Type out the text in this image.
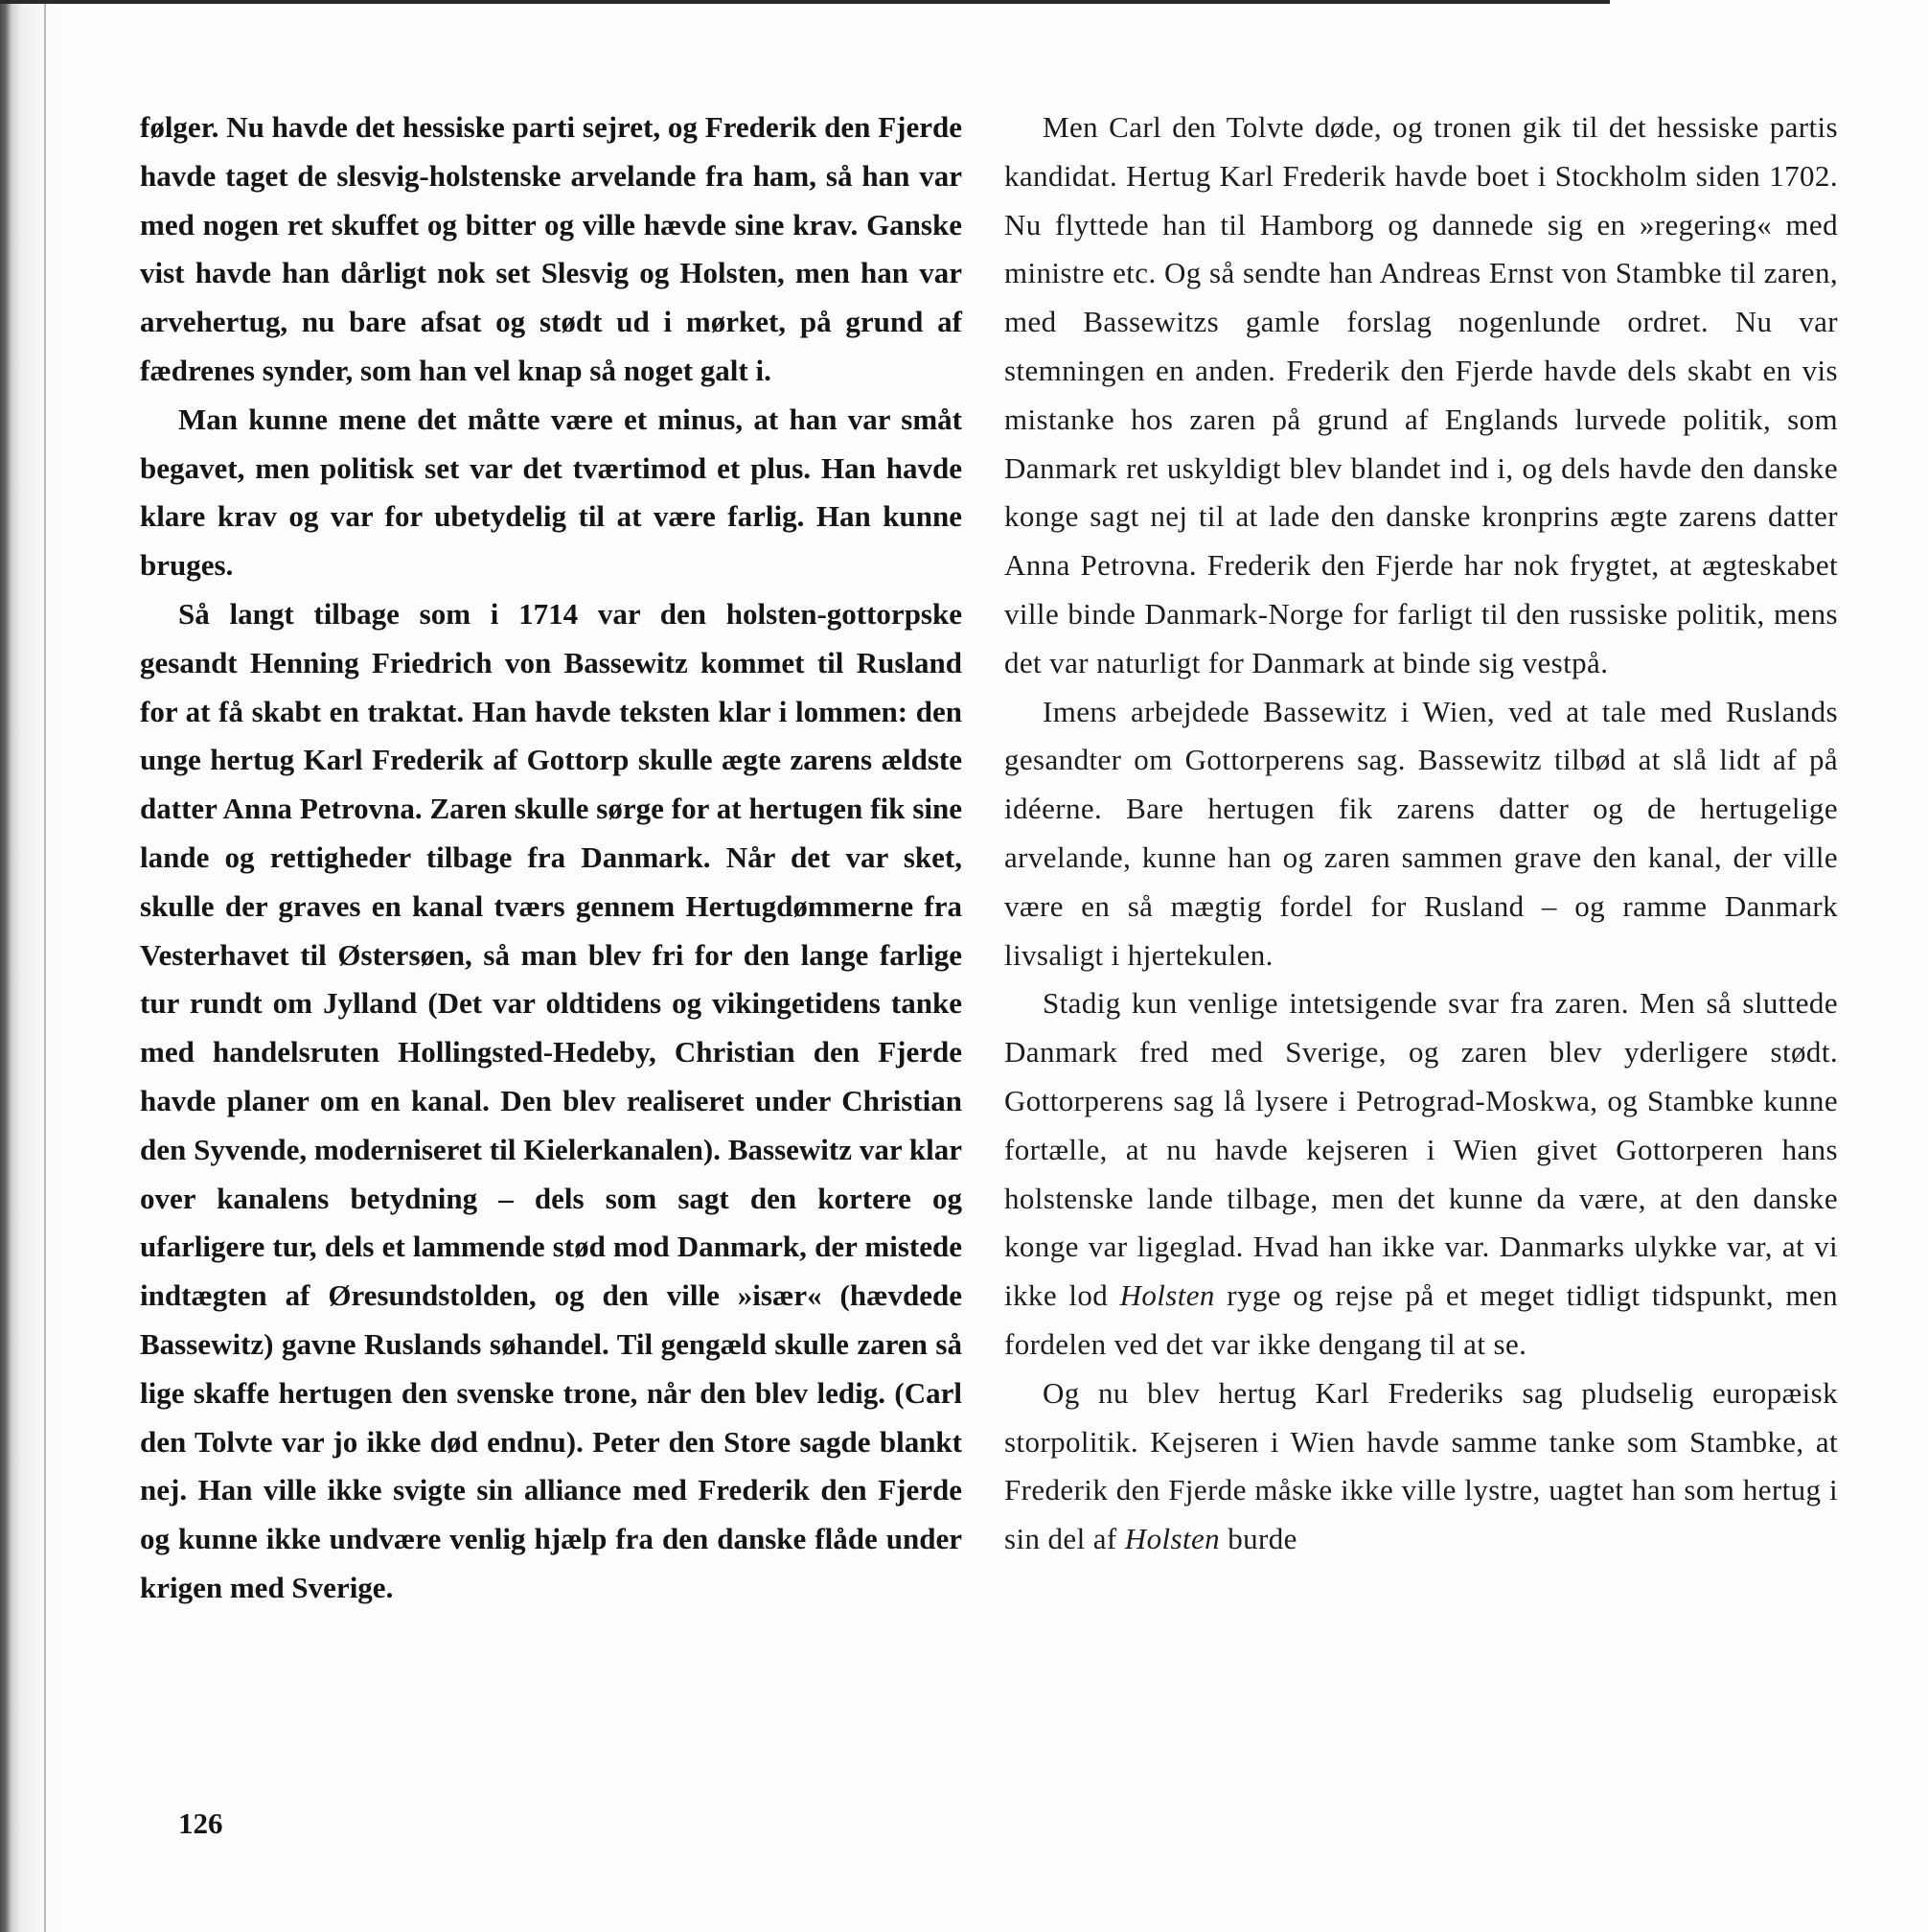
følger. Nu havde det hessiske parti sejret, og Frederik den Fjerde havde taget de slesvig-holstenske arvelande fra ham, så han var med nogen ret skuffet og bitter og ville hævde sine krav. Ganske vist havde han dårligt nok set Slesvig og Holsten, men han var arvehertug, nu bare afsat og stødt ud i mørket, på grund af fædrenes synder, som han vel knap så noget galt i.

Man kunne mene det måtte være et minus, at han var småt begavet, men politisk set var det tværtimod et plus. Han havde klare krav og var for ubetydelig til at være farlig. Han kunne bruges.

Så langt tilbage som i 1714 var den holsten-gottorpske gesandt Henning Friedrich von Bassewitz kommet til Rusland for at få skabt en traktat. Han havde teksten klar i lommen: den unge hertug Karl Frederik af Gottorp skulle ægte zarens ældste datter Anna Petrovna. Zaren skulle sørge for at hertugen fik sine lande og rettigheder tilbage fra Danmark. Når det var sket, skulle der graves en kanal tværs gennem Hertugdømmerne fra Vesterhavet til Østersøen, så man blev fri for den lange farlige tur rundt om Jylland (Det var oldtidens og vikingetidens tanke med handelsruten Hollingsted-Hedeby, Christian den Fjerde havde planer om en kanal. Den blev realiseret under Christian den Syvende, moderniseret til Kielerkanalen). Bassewitz var klar over kanalens betydning – dels som sagt den kortere og ufarligere tur, dels et lammende stød mod Danmark, der mistede indtægten af Øresundstolden, og den ville »især« (hævdede Bassewitz) gavne Ruslands søhandel. Til gengæld skulle zaren så lige skaffe hertugen den svenske trone, når den blev ledig. (Carl den Tolvte var jo ikke død endnu). Peter den Store sagde blankt nej. Han ville ikke svigte sin alliance med Frederik den Fjerde og kunne ikke undvære venlig hjælp fra den danske flåde under krigen med Sverige.

Men Carl den Tolvte døde, og tronen gik til det hessiske partis kandidat. Hertug Karl Frederik havde boet i Stockholm siden 1702. Nu flyttede han til Hamborg og dannede sig en »regering« med ministre etc. Og så sendte han Andreas Ernst von Stambke til zaren, med Bassewitzs gamle forslag nogenlunde ordret. Nu var stemningen en anden. Frederik den Fjerde havde dels skabt en vis mistanke hos zaren på grund af Englands lurvede politik, som Danmark ret uskyldigt blev blandet ind i, og dels havde den danske konge sagt nej til at lade den danske kronprins ægte zarens datter Anna Petrovna. Frederik den Fjerde har nok frygtet, at ægteskabet ville binde Danmark-Norge for farligt til den russiske politik, mens det var naturligt for Danmark at binde sig vestpå.

Imens arbejdede Bassewitz i Wien, ved at tale med Ruslands gesandter om Gottorperens sag. Bassewitz tilbød at slå lidt af på idéerne. Bare hertugen fik zarens datter og de hertugelige arvelande, kunne han og zaren sammen grave den kanal, der ville være en så mægtig fordel for Rusland – og ramme Danmark livsaligt i hjertekulen.

Stadig kun venlige intetsigende svar fra zaren. Men så sluttede Danmark fred med Sverige, og zaren blev yderligere stødt. Gottorperens sag lå lysere i Petrograd-Moskwa, og Stambke kunne fortælle, at nu havde kejseren i Wien givet Gottorperen hans holstenske lande tilbage, men det kunne da være, at den danske konge var ligeglad. Hvad han ikke var. Danmarks ulykke var, at vi ikke lod Holsten ryge og rejse på et meget tidligt tidspunkt, men fordelen ved det var ikke dengang til at se.

Og nu blev hertug Karl Frederiks sag pludselig europæisk storpolitik. Kejseren i Wien havde samme tanke som Stambke, at Frederik den Fjerde måske ikke ville lystre, uagtet han som hertug i sin del af Holsten burde

126
